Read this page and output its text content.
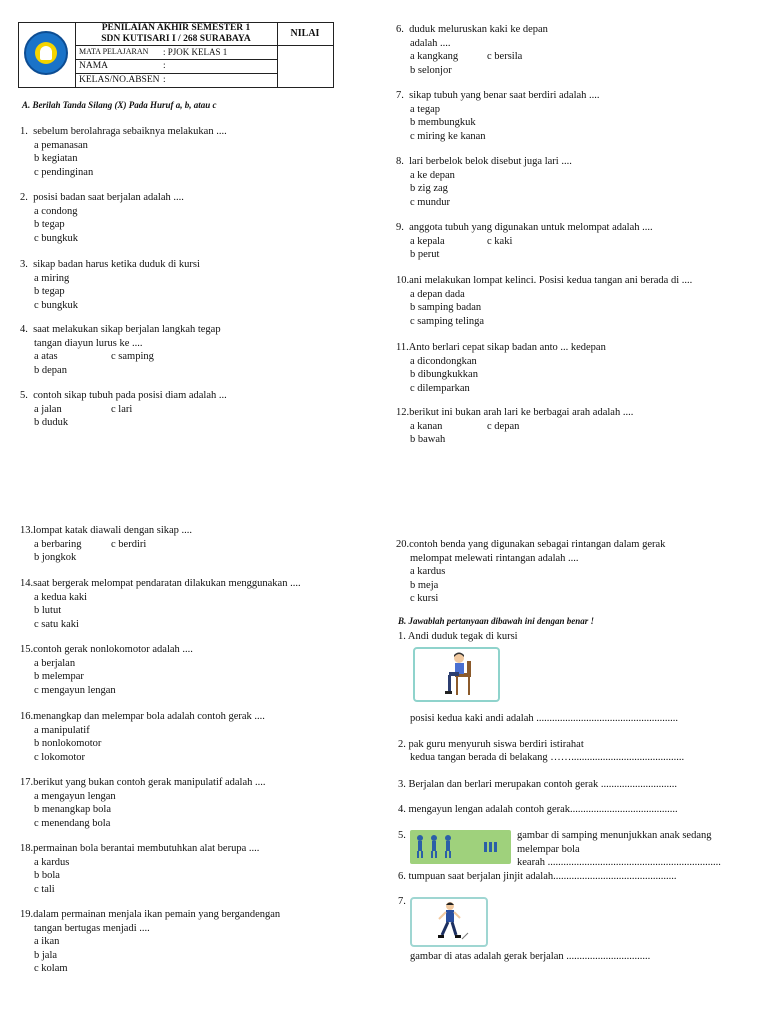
PENILAIAN AKHIR SEMESTER 1
SDN KUTISARI I / 268 SURABAYA	NILAI
MATA PELAJARAN : PJOK KELAS 1
NAMA	:
KELAS/NO.ABSEN :
A. Berilah Tanda Silang (X) Pada Huruf a, b, atau c
1. sebelum berolahraga sebaiknya melakukan ....
a pemanasan
b kegiatan
c pendinginan
2. posisi badan saat berjalan adalah ....
a condong
b tegap
c bungkuk
3. sikap badan harus ketika duduk di kursi
a miring
b tegap
c bungkuk
4. saat melakukan sikap berjalan langkah tegap
tangan diayun lurus ke ....
a atas	c samping
b depan
5. contoh sikap tubuh pada posisi diam adalah ...
a jalan	c lari
b duduk
6. duduk meluruskan kaki ke depan
adalah ....
a kangkang	c bersila
b selonjor
7. sikap tubuh yang benar saat berdiri adalah ....
a tegap
b membungkuk
c miring ke kanan
8. lari berbelok belok disebut juga lari ....
a ke depan
b zig zag
c mundur
9. anggota tubuh yang digunakan untuk melompat adalah ....
a kepala	c kaki
b perut
10.ani melakukan lompat kelinci. Posisi kedua tangan ani berada di ....
a depan dada
b samping badan
c samping telinga
11.Anto berlari cepat sikap badan anto ... kedepan
a dicondongkan
b dibungkukkan
c dilemparkan
12.berikut ini bukan arah lari ke berbagai arah adalah ....
a kanan	c depan
b bawah
13.lompat katak diawali dengan sikap ....
a berbaring	c berdiri
b jongkok
14.saat bergerak melompat pendaratan dilakukan menggunakan ....
a kedua kaki
b lutut
c satu kaki
15.contoh gerak nonlokomotor adalah ....
a berjalan
b melempar
c mengayun lengan
16.menangkap dan melempar bola adalah contoh gerak ....
a manipulatif
b nonlokomotor
c lokomotor
17.berikut yang bukan contoh gerak manipulatif adalah ....
a mengayun lengan
b menangkap bola
c menendang bola
18.permainan bola berantai membutuhkan alat berupa ....
a kardus
b bola
c tali
19.dalam permainan menjala ikan pemain yang bergandengan
tangan bertugas menjadi ....
a ikan
b jala
c kolam
20.contoh benda yang digunakan sebagai rintangan dalam gerak
melompat melewati rintangan adalah ....
a kardus
b meja
c kursi
B. Jawablah pertanyaan dibawah ini dengan benar !
1. Andi duduk tegak di kursi
posisi kedua kaki andi adalah ......................................................
2. pak guru menyuruh siswa berdiri istirahat
kedua tangan berada di belakang ……...........................................
3. Berjalan dan berlari merupakan contoh gerak .............................
4. mengayun lengan adalah contoh gerak.........................................
5.	gambar di samping menunjukkan anak sedang
melempar bola
kearah ..................................................................
6. tumpuan saat berjalan jinjit adalah...............................................
7.
gambar di atas adalah gerak berjalan ................................
